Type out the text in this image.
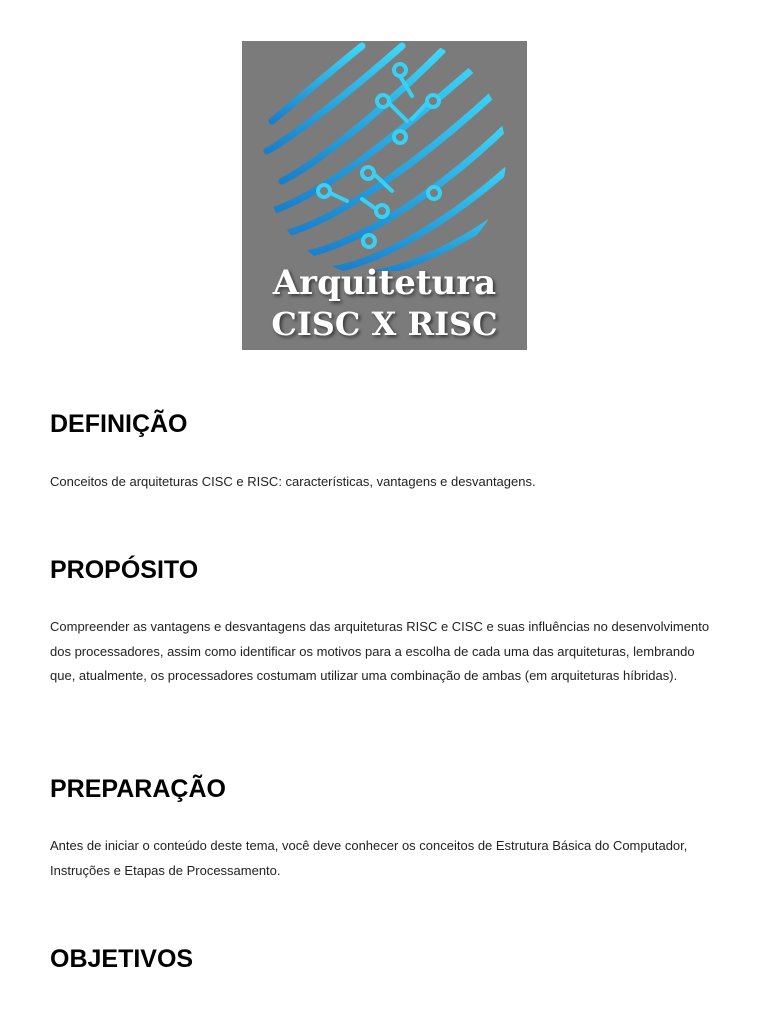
Arquitetura

CISC X RISC

DEFINIÇÃO

Conceitos de arquiteturas CISC e RISC: características, vantagens e desvantagens.

PROPÓSITO

Compreender as vantagens e desvantagens das arquiteturas RISC e CISC e suas influências no desenvolvimento dos processadores, assim como identificar os motivos para a escolha de cada uma das arquiteturas, lembrando que, atualmente, os processadores costumam utilizar uma combinação de ambas (em arquiteturas híbridas).

PREPARAÇÃO

Antes de iniciar o conteúdo deste tema, você deve conhecer os conceitos de Estrutura Básica do Computador, Instruções e Etapas de Processamento.

OBJETIVOS
